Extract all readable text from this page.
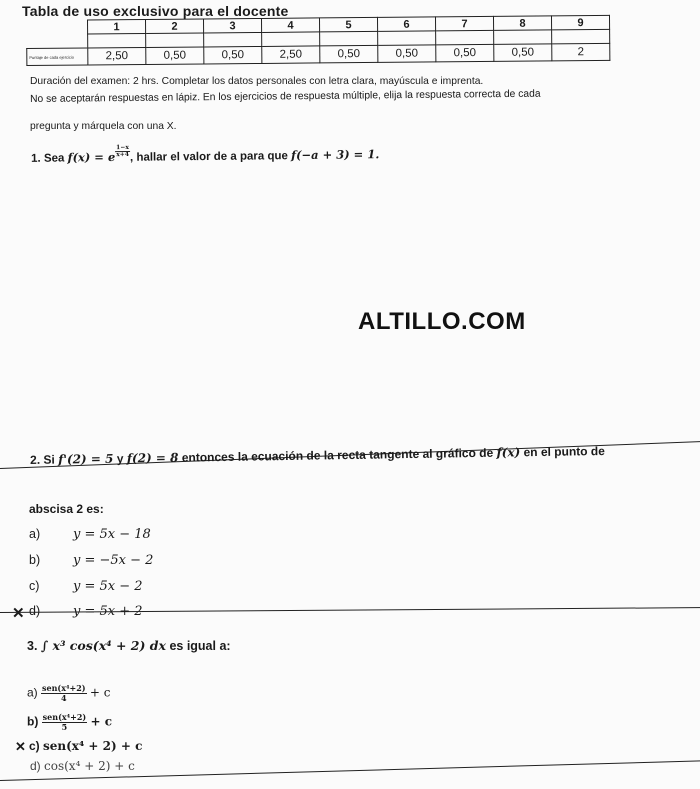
Tabla de uso exclusivo para el docente
	1	2	3	4	5	6	7	8	9

Puntaje de cada ejercicio	2,50	0,50	0,50	2,50	0,50	0,50	0,50	0,50	2
Duración del examen: 2 hrs. Completar los datos personales con letra clara, mayúscula e imprenta.
No se aceptarán respuestas en lápiz. En los ejercicios de respuesta múltiple, elija la respuesta correcta de cada
pregunta y márquela con una X.
1. Sea f(x) = e $\frac{1-x}{x+4}$ , hallar el valor de a para que f(−a + 3) = 1.
ALTILLO.COM
2. Si f'(2) = 5 y f(2) = 8 entonces la ecuación de la recta tangente al gráfico de f(x) en el punto de
abscisa 2 es:
a)	y = 5x − 18
b)	y = −5x − 2
c)	y = 5x − 2
✕ d)	y = 5x + 2
3. ∫ x³ cos(x⁴ + 2) dx es igual a:
$a) \frac{\text{sen(x⁴+2)}}{4} + c$
$b) \frac{\text{sen(x⁴+2)}}{5} + c$
✕ c) sen(x⁴ + 2) + c
d) cos(x⁴ + 2) + c
